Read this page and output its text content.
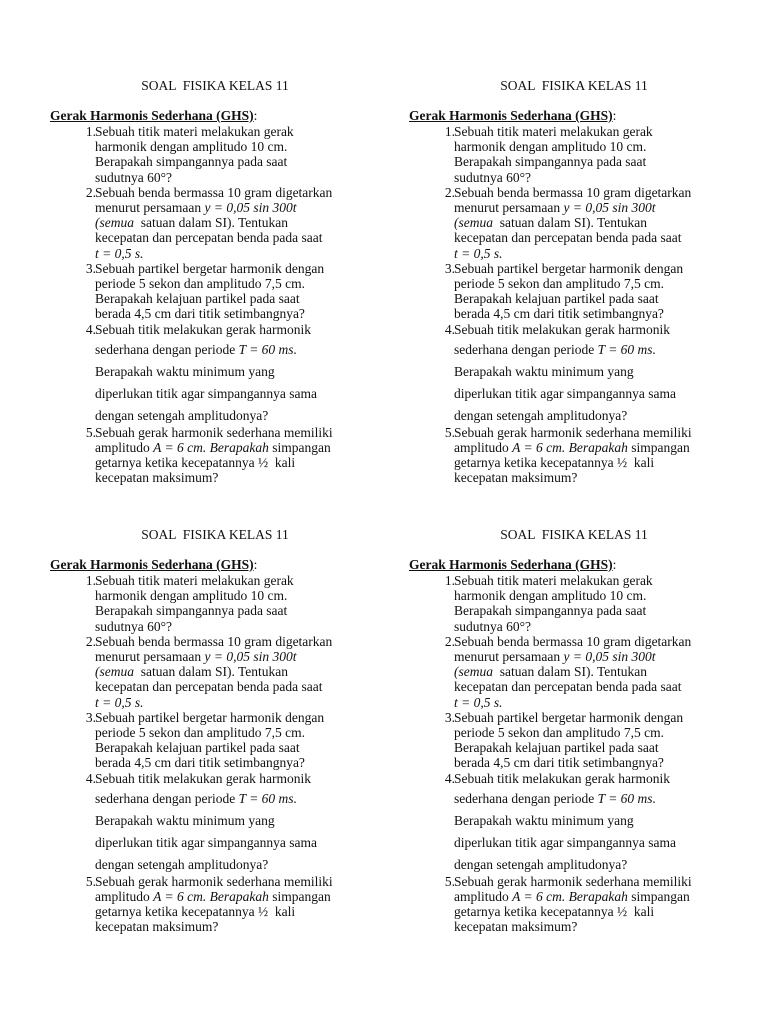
SOAL  FISIKA KELAS 11
Gerak Harmonis Sederhana (GHS):
1. Sebuah titik materi melakukan gerak
harmonik dengan amplitudo 10 cm.
Berapakah simpangannya pada saat
sudutnya 60°?
2. Sebuah benda bermassa 10 gram digetarkan
menurut persamaan y = 0,05 sin 300t
(semua  satuan dalam SI). Tentukan
kecepatan dan percepatan benda pada saat
t = 0,5 s.
3. Sebuah partikel bergetar harmonik dengan
periode 5 sekon dan amplitudo 7,5 cm.
Berapakah kelajuan partikel pada saat
berada 4,5 cm dari titik setimbangnya?
4. Sebuah titik melakukan gerak harmonik
sederhana dengan periode T = 60 ms.
Berapakah waktu minimum yang
diperlukan titik agar simpangannya sama
dengan setengah amplitudonya?
5. Sebuah gerak harmonik sederhana memiliki
amplitudo A = 6 cm. Berapakah simpangan
getarnya ketika kecepatannya ½  kali
kecepatan maksimum?
SOAL  FISIKA KELAS 11
Gerak Harmonis Sederhana (GHS):
1. Sebuah titik materi melakukan gerak
harmonik dengan amplitudo 10 cm.
Berapakah simpangannya pada saat
sudutnya 60°?
2. Sebuah benda bermassa 10 gram digetarkan
menurut persamaan y = 0,05 sin 300t
(semua  satuan dalam SI). Tentukan
kecepatan dan percepatan benda pada saat
t = 0,5 s.
3. Sebuah partikel bergetar harmonik dengan
periode 5 sekon dan amplitudo 7,5 cm.
Berapakah kelajuan partikel pada saat
berada 4,5 cm dari titik setimbangnya?
4. Sebuah titik melakukan gerak harmonik
sederhana dengan periode T = 60 ms.
Berapakah waktu minimum yang
diperlukan titik agar simpangannya sama
dengan setengah amplitudonya?
5. Sebuah gerak harmonik sederhana memiliki
amplitudo A = 6 cm. Berapakah simpangan
getarnya ketika kecepatannya ½  kali
kecepatan maksimum?
SOAL  FISIKA KELAS 11
Gerak Harmonis Sederhana (GHS):
1. Sebuah titik materi melakukan gerak
harmonik dengan amplitudo 10 cm.
Berapakah simpangannya pada saat
sudutnya 60°?
2. Sebuah benda bermassa 10 gram digetarkan
menurut persamaan y = 0,05 sin 300t
(semua  satuan dalam SI). Tentukan
kecepatan dan percepatan benda pada saat
t = 0,5 s.
3. Sebuah partikel bergetar harmonik dengan
periode 5 sekon dan amplitudo 7,5 cm.
Berapakah kelajuan partikel pada saat
berada 4,5 cm dari titik setimbangnya?
4. Sebuah titik melakukan gerak harmonik
sederhana dengan periode T = 60 ms.
Berapakah waktu minimum yang
diperlukan titik agar simpangannya sama
dengan setengah amplitudonya?
5. Sebuah gerak harmonik sederhana memiliki
amplitudo A = 6 cm. Berapakah simpangan
getarnya ketika kecepatannya ½  kali
kecepatan maksimum?
SOAL  FISIKA KELAS 11
Gerak Harmonis Sederhana (GHS):
1. Sebuah titik materi melakukan gerak
harmonik dengan amplitudo 10 cm.
Berapakah simpangannya pada saat
sudutnya 60°?
2. Sebuah benda bermassa 10 gram digetarkan
menurut persamaan y = 0,05 sin 300t
(semua  satuan dalam SI). Tentukan
kecepatan dan percepatan benda pada saat
t = 0,5 s.
3. Sebuah partikel bergetar harmonik dengan
periode 5 sekon dan amplitudo 7,5 cm.
Berapakah kelajuan partikel pada saat
berada 4,5 cm dari titik setimbangnya?
4. Sebuah titik melakukan gerak harmonik
sederhana dengan periode T = 60 ms.
Berapakah waktu minimum yang
diperlukan titik agar simpangannya sama
dengan setengah amplitudonya?
5. Sebuah gerak harmonik sederhana memiliki
amplitudo A = 6 cm. Berapakah simpangan
getarnya ketika kecepatannya ½  kali
kecepatan maksimum?
